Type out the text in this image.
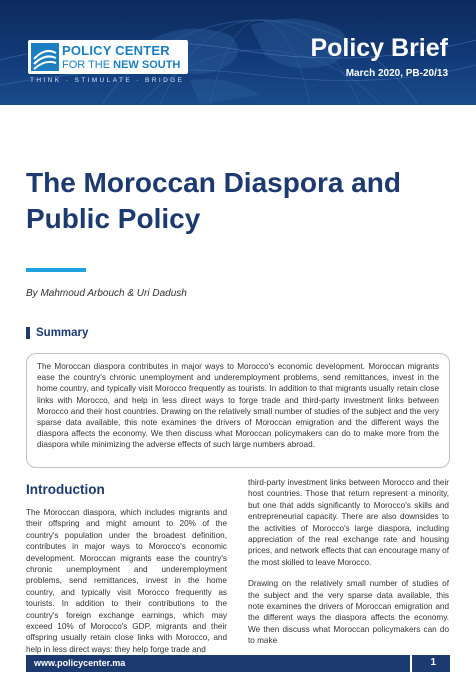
POLICY CENTER
FOR THE NEW SOUTH
THINK · STIMULATE · BRIDGE
Policy Brief
March 2020, PB-20/13
The Moroccan Diaspora and Public Policy
By Mahmoud Arbouch & Uri Dadush
Summary
The Moroccan diaspora contributes in major ways to Morocco's economic development. Moroccan migrants ease the country's chronic unemployment and underemployment problems, send remittances, invest in the home country, and typically visit Morocco frequently as tourists. In addition to that migrants usually retain close links with Morocco, and help in less direct ways to forge trade and third-party investment links between Morocco and their host countries. Drawing on the relatively small number of studies of the subject and the very sparse data available, this note examines the drivers of Moroccan emigration and the different ways the diaspora affects the economy. We then discuss what Moroccan policymakers can do to make more from the diaspora while minimizing the adverse effects of such large numbers abroad.
Introduction

The Moroccan diaspora, which includes migrants and their offspring and might amount to 20% of the country's population under the broadest definition, contributes in major ways to Morocco's economic development. Moroccan migrants ease the country's chronic unemployment and underemployment problems, send remittances, invest in the home country, and typically visit Morocco frequently as tourists. In addition to their contributions to the country's foreign exchange earnings, which may exceed 10% of Morocco's GDP, migrants and their offspring usually retain close links with Morocco, and help in less direct ways: they help forge trade and

third-party investment links between Morocco and their host countries. Those that return represent a minority, but one that adds significantly to Morocco's skills and entrepreneurial capacity. There are also downsides to the activities of Morocco's large diaspora, including appreciation of the real exchange rate and housing prices, and network effects that can encourage many of the most skilled to leave Morocco.

Drawing on the relatively small number of studies of the subject and the very sparse data available, this note examines the drivers of Moroccan emigration and the different ways the diaspora affects the economy. We then discuss what Moroccan policymakers can do to make

www.policycenter.ma	1
